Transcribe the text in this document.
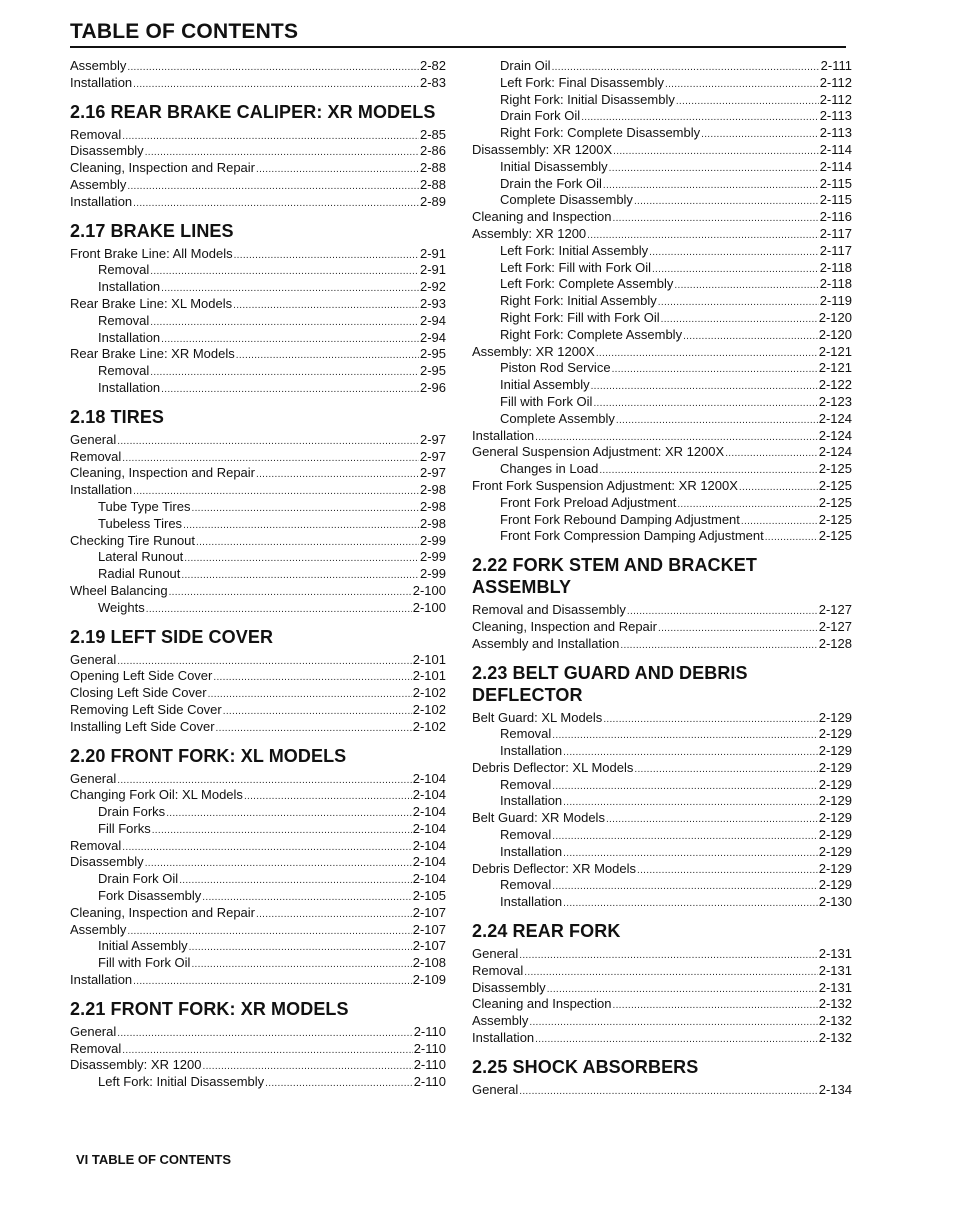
TABLE OF CONTENTS
Assembly .....	2-82
Installation .....	2-83
2.16 REAR BRAKE CALIPER: XR MODELS
Removal .....	2-85
Disassembly .....	2-86
Cleaning, Inspection and Repair .....	2-88
Assembly .....	2-88
Installation .....	2-89
2.17 BRAKE LINES
Front Brake Line: All Models .....	2-91
Removal .....	2-91
Installation .....	2-92
Rear Brake Line: XL Models .....	2-93
Removal .....	2-94
Installation .....	2-94
Rear Brake Line: XR Models .....	2-95
Removal .....	2-95
Installation .....	2-96
2.18 TIRES
General .....	2-97
Removal .....	2-97
Cleaning, Inspection and Repair .....	2-97
Installation .....	2-98
Tube Type Tires .....	2-98
Tubeless Tires .....	2-98
Checking Tire Runout .....	2-99
Lateral Runout .....	2-99
Radial Runout .....	2-99
Wheel Balancing .....	2-100
Weights .....	2-100
2.19 LEFT SIDE COVER
General .....	2-101
Opening Left Side Cover .....	2-101
Closing Left Side Cover .....	2-102
Removing Left Side Cover .....	2-102
Installing Left Side Cover .....	2-102
2.20 FRONT FORK: XL MODELS
General .....	2-104
Changing Fork Oil: XL Models .....	2-104
Drain Forks .....	2-104
Fill Forks .....	2-104
Removal .....	2-104
Disassembly .....	2-104
Drain Fork Oil .....	2-104
Fork Disassembly .....	2-105
Cleaning, Inspection and Repair .....	2-107
Assembly .....	2-107
Initial Assembly .....	2-107
Fill with Fork Oil .....	2-108
Installation .....	2-109
2.21 FRONT FORK: XR MODELS
General .....	2-110
Removal .....	2-110
Disassembly: XR 1200 .....	2-110
Left Fork: Initial Disassembly .....	2-110
Drain Oil .....	2-111
Left Fork: Final Disassembly .....	2-112
Right Fork: Initial Disassembly .....	2-112
Drain Fork Oil .....	2-113
Right Fork: Complete Disassembly .....	2-113
Disassembly: XR 1200X .....	2-114
Initial Disassembly .....	2-114
Drain the Fork Oil .....	2-115
Complete Disassembly .....	2-115
Cleaning and Inspection .....	2-116
Assembly: XR 1200 .....	2-117
Left Fork: Initial Assembly .....	2-117
Left Fork: Fill with Fork Oil .....	2-118
Left Fork: Complete Assembly .....	2-118
Right Fork: Initial Assembly .....	2-119
Right Fork: Fill with Fork Oil .....	2-120
Right Fork: Complete Assembly .....	2-120
Assembly: XR 1200X .....	2-121
Piston Rod Service .....	2-121
Initial Assembly .....	2-122
Fill with Fork Oil .....	2-123
Complete Assembly .....	2-124
Installation .....	2-124
General Suspension Adjustment: XR 1200X .....	2-124
Changes in Load .....	2-125
Front Fork Suspension Adjustment: XR 1200X .....	2-125
Front Fork Preload Adjustment .....	2-125
Front Fork Rebound Damping Adjustment .....	2-125
Front Fork Compression Damping Adjustment .....	2-125
2.22 FORK STEM AND BRACKET ASSEMBLY
Removal and Disassembly .....	2-127
Cleaning, Inspection and Repair .....	2-127
Assembly and Installation .....	2-128
2.23 BELT GUARD AND DEBRIS DEFLECTOR
Belt Guard: XL Models .....	2-129
Removal .....	2-129
Installation .....	2-129
Debris Deflector: XL Models .....	2-129
Removal .....	2-129
Installation .....	2-129
Belt Guard: XR Models .....	2-129
Removal .....	2-129
Installation .....	2-129
Debris Deflector: XR Models .....	2-129
Removal .....	2-129
Installation .....	2-130
2.24 REAR FORK
General .....	2-131
Removal .....	2-131
Disassembly .....	2-131
Cleaning and Inspection .....	2-132
Assembly .....	2-132
Installation .....	2-132
2.25 SHOCK ABSORBERS
General .....	2-134
VI TABLE OF CONTENTS
